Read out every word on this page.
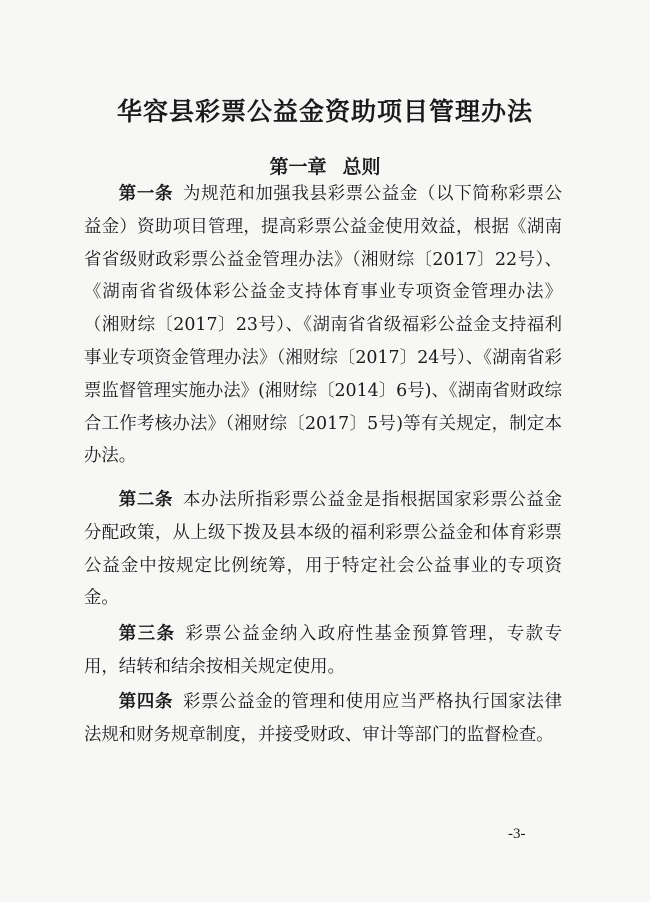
华容县彩票公益金资助项目管理办法
第一章 总则

第一条 为规范和加强我县彩票公益金（以下简称彩票公益金）资助项目管理，提高彩票公益金使用效益，根据《湖南省省级财政彩票公益金管理办法》（湘财综〔2017〕22号）、《湖南省省级体彩公益金支持体育事业专项资金管理办法》（湘财综〔2017〕23号）、《湖南省省级福彩公益金支持福利事业专项资金管理办法》（湘财综〔2017〕24号）、《湖南省彩票监督管理实施办法》(湘财综〔2014〕6号)、《湖南省财政综合工作考核办法》（湘财综〔2017〕5号)等有关规定，制定本办法。

第二条 本办法所指彩票公益金是指根据国家彩票公益金分配政策，从上级下拨及县本级的福利彩票公益金和体育彩票公益金中按规定比例统筹，用于特定社会公益事业的专项资金。

第三条 彩票公益金纳入政府性基金预算管理，专款专用，结转和结余按相关规定使用。

第四条 彩票公益金的管理和使用应当严格执行国家法律法规和财务规章制度，并接受财政、审计等部门的监督检查。

-3-
